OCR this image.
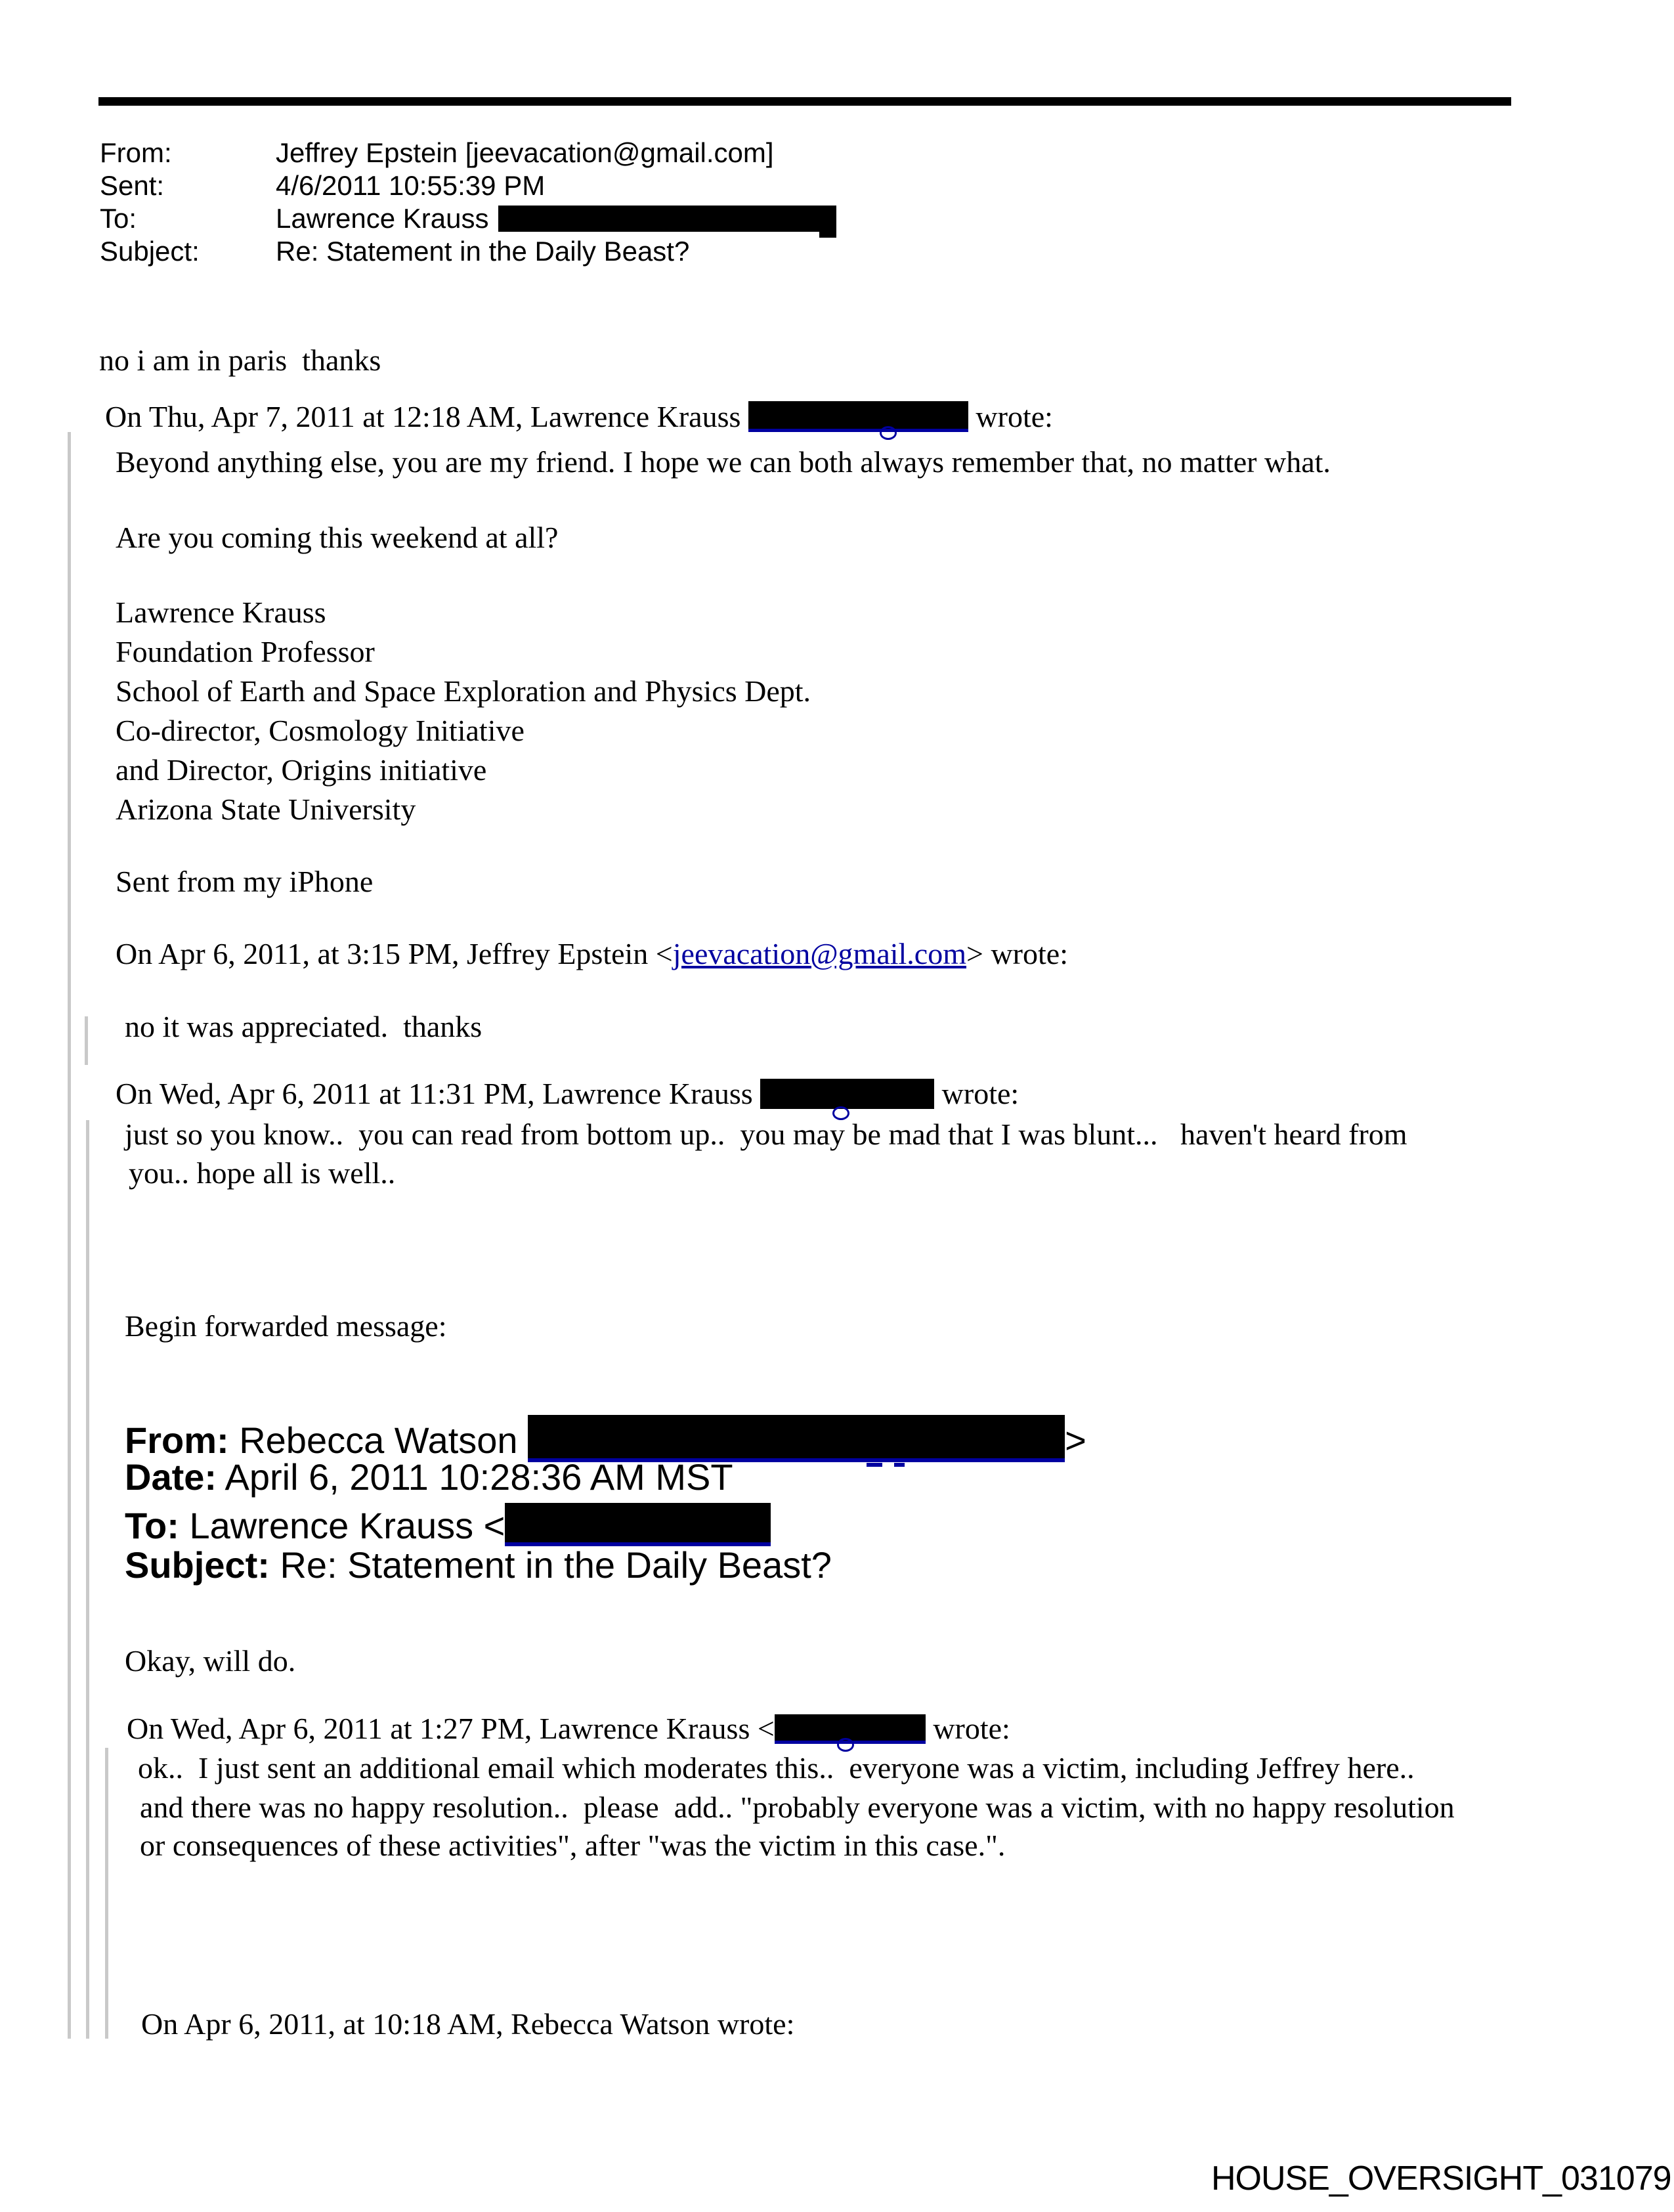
From:	Jeffrey Epstein [jeevacation@gmail.com]
Sent:	4/6/2011 10:55:39 PM
To:	Lawrence Krauss
Subject:	Re: Statement in the Daily Beast?
no i am in paris  thanks
On Thu, Apr 7, 2011 at 12:18 AM, Lawrence Krauss	wrote:
Beyond anything else, you are my friend. I hope we can both always remember that, no matter what.
Are you coming this weekend at all?
Lawrence Krauss
Foundation Professor
School of Earth and Space Exploration and Physics Dept.
Co-director, Cosmology Initiative
and Director, Origins initiative
Arizona State University
Sent from my iPhone
On Apr 6, 2011, at 3:15 PM, Jeffrey Epstein <jeevacation@gmail.com> wrote:
no it was appreciated.  thanks
On Wed, Apr 6, 2011 at 11:31 PM, Lawrence Krauss	wrote:
just so you know..  you can read from bottom up..  you may be mad that I was blunt...   haven't heard from
you.. hope all is well..
Begin forwarded message:
From: Rebecca Watson	>
Date: April 6, 2011 10:28:36 AM MST
To: Lawrence Krauss <
Subject: Re: Statement in the Daily Beast?
Okay, will do.
On Wed, Apr 6, 2011 at 1:27 PM, Lawrence Krauss <	wrote:
ok..  I just sent an additional email which moderates this..  everyone was a victim, including Jeffrey here..
and there was no happy resolution..  please  add.. "probably everyone was a victim, with no happy resolution
or consequences of these activities", after "was the victim in this case.".
On Apr 6, 2011, at 10:18 AM, Rebecca Watson wrote:
HOUSE_OVERSIGHT_031079
